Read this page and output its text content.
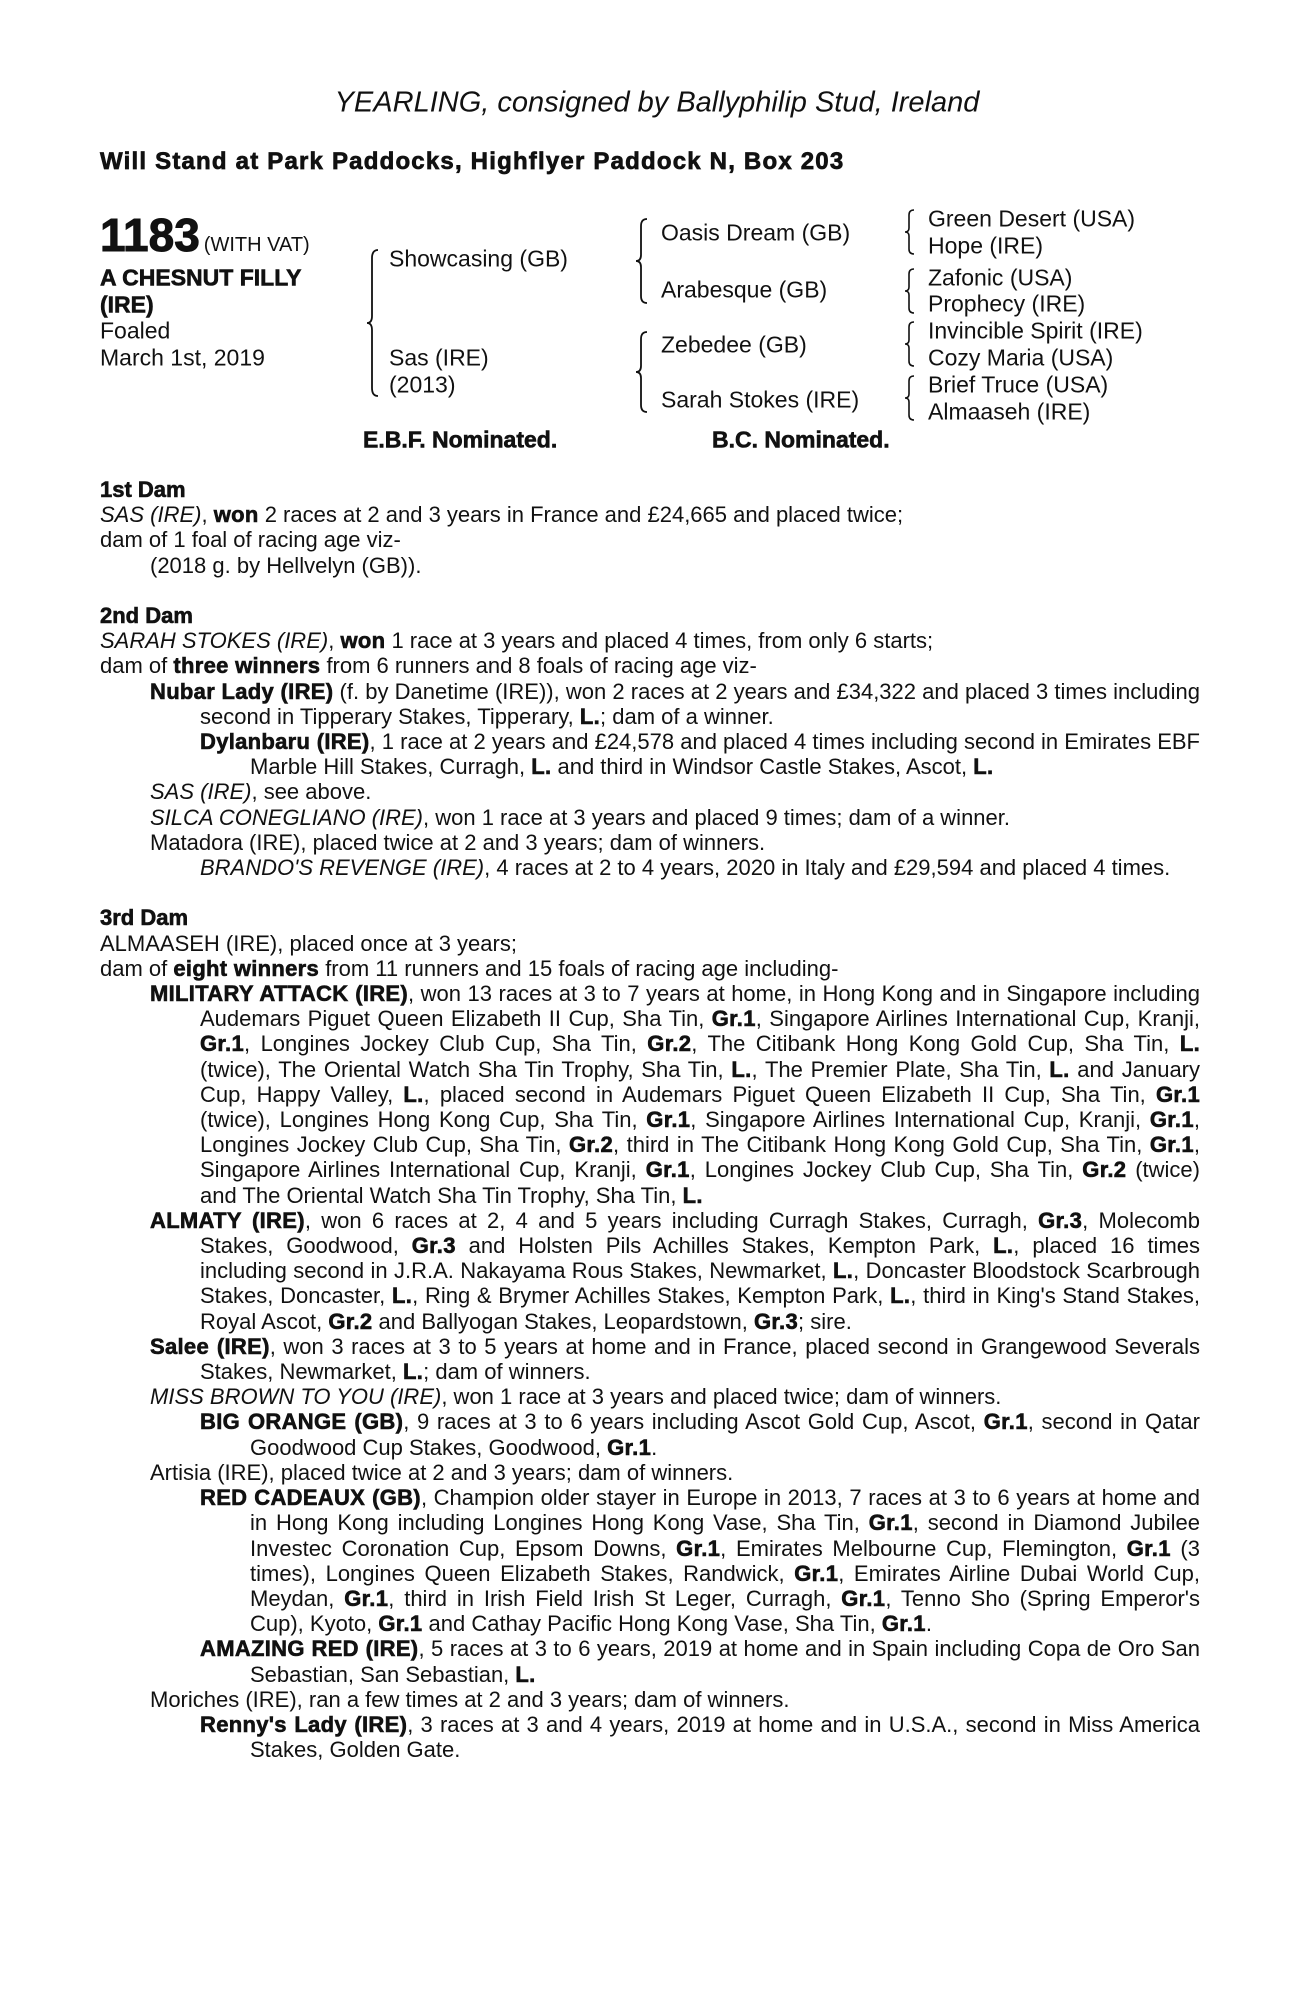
YEARLING, consigned by Ballyphilip Stud, Ireland
Will Stand at Park Paddocks, Highflyer Paddock N, Box 203
1183 (WITH VAT)
A CHESNUT FILLY
(IRE)
Foaled
March 1st, 2019
Showcasing (GB)
Sas (IRE)
(2013)
Oasis Dream (GB)
Arabesque (GB)
Zebedee (GB)
Sarah Stokes (IRE)
Green Desert (USA)
Hope (IRE)
Zafonic (USA)
Prophecy (IRE)
Invincible Spirit (IRE)
Cozy Maria (USA)
Brief Truce (USA)
Almaaseh (IRE)
E.B.F. Nominated.	B.C. Nominated.
1st Dam
SAS (IRE), won 2 races at 2 and 3 years in France and £24,665 and placed twice;
dam of 1 foal of racing age viz-
(2018 g. by Hellvelyn (GB)).
2nd Dam
SARAH STOKES (IRE), won 1 race at 3 years and placed 4 times, from only 6 starts;
dam of three winners from 6 runners and 8 foals of racing age viz-
Nubar Lady (IRE) (f. by Danetime (IRE)), won 2 races at 2 years and £34,322 and placed 3 times including second in Tipperary Stakes, Tipperary, L.; dam of a winner.
Dylanbaru (IRE), 1 race at 2 years and £24,578 and placed 4 times including second in Emirates EBF Marble Hill Stakes, Curragh, L. and third in Windsor Castle Stakes, Ascot, L.
SAS (IRE), see above.
SILCA CONEGLIANO (IRE), won 1 race at 3 years and placed 9 times; dam of a winner.
Matadora (IRE), placed twice at 2 and 3 years; dam of winners.
BRANDO'S REVENGE (IRE), 4 races at 2 to 4 years, 2020 in Italy and £29,594 and placed 4 times.
3rd Dam
ALMAASEH (IRE), placed once at 3 years;
dam of eight winners from 11 runners and 15 foals of racing age including-
MILITARY ATTACK (IRE), won 13 races at 3 to 7 years at home, in Hong Kong and in Singapore including Audemars Piguet Queen Elizabeth II Cup, Sha Tin, Gr.1, Singapore Airlines International Cup, Kranji, Gr.1, Longines Jockey Club Cup, Sha Tin, Gr.2, The Citibank Hong Kong Gold Cup, Sha Tin, L. (twice), The Oriental Watch Sha Tin Trophy, Sha Tin, L., The Premier Plate, Sha Tin, L. and January Cup, Happy Valley, L., placed second in Audemars Piguet Queen Elizabeth II Cup, Sha Tin, Gr.1 (twice), Longines Hong Kong Cup, Sha Tin, Gr.1, Singapore Airlines International Cup, Kranji, Gr.1, Longines Jockey Club Cup, Sha Tin, Gr.2, third in The Citibank Hong Kong Gold Cup, Sha Tin, Gr.1, Singapore Airlines International Cup, Kranji, Gr.1, Longines Jockey Club Cup, Sha Tin, Gr.2 (twice) and The Oriental Watch Sha Tin Trophy, Sha Tin, L.
ALMATY (IRE), won 6 races at 2, 4 and 5 years including Curragh Stakes, Curragh, Gr.3, Molecomb Stakes, Goodwood, Gr.3 and Holsten Pils Achilles Stakes, Kempton Park, L., placed 16 times including second in J.R.A. Nakayama Rous Stakes, Newmarket, L., Doncaster Bloodstock Scarbrough Stakes, Doncaster, L., Ring & Brymer Achilles Stakes, Kempton Park, L., third in King's Stand Stakes, Royal Ascot, Gr.2 and Ballyogan Stakes, Leopardstown, Gr.3; sire.
Salee (IRE), won 3 races at 3 to 5 years at home and in France, placed second in Grangewood Severals Stakes, Newmarket, L.; dam of winners.
MISS BROWN TO YOU (IRE), won 1 race at 3 years and placed twice; dam of winners.
BIG ORANGE (GB), 9 races at 3 to 6 years including Ascot Gold Cup, Ascot, Gr.1, second in Qatar Goodwood Cup Stakes, Goodwood, Gr.1.
Artisia (IRE), placed twice at 2 and 3 years; dam of winners.
RED CADEAUX (GB), Champion older stayer in Europe in 2013, 7 races at 3 to 6 years at home and in Hong Kong including Longines Hong Kong Vase, Sha Tin, Gr.1, second in Diamond Jubilee Investec Coronation Cup, Epsom Downs, Gr.1, Emirates Melbourne Cup, Flemington, Gr.1 (3 times), Longines Queen Elizabeth Stakes, Randwick, Gr.1, Emirates Airline Dubai World Cup, Meydan, Gr.1, third in Irish Field Irish St Leger, Curragh, Gr.1, Tenno Sho (Spring Emperor's Cup), Kyoto, Gr.1 and Cathay Pacific Hong Kong Vase, Sha Tin, Gr.1.
AMAZING RED (IRE), 5 races at 3 to 6 years, 2019 at home and in Spain including Copa de Oro San Sebastian, San Sebastian, L.
Moriches (IRE), ran a few times at 2 and 3 years; dam of winners.
Renny's Lady (IRE), 3 races at 3 and 4 years, 2019 at home and in U.S.A., second in Miss America Stakes, Golden Gate.
